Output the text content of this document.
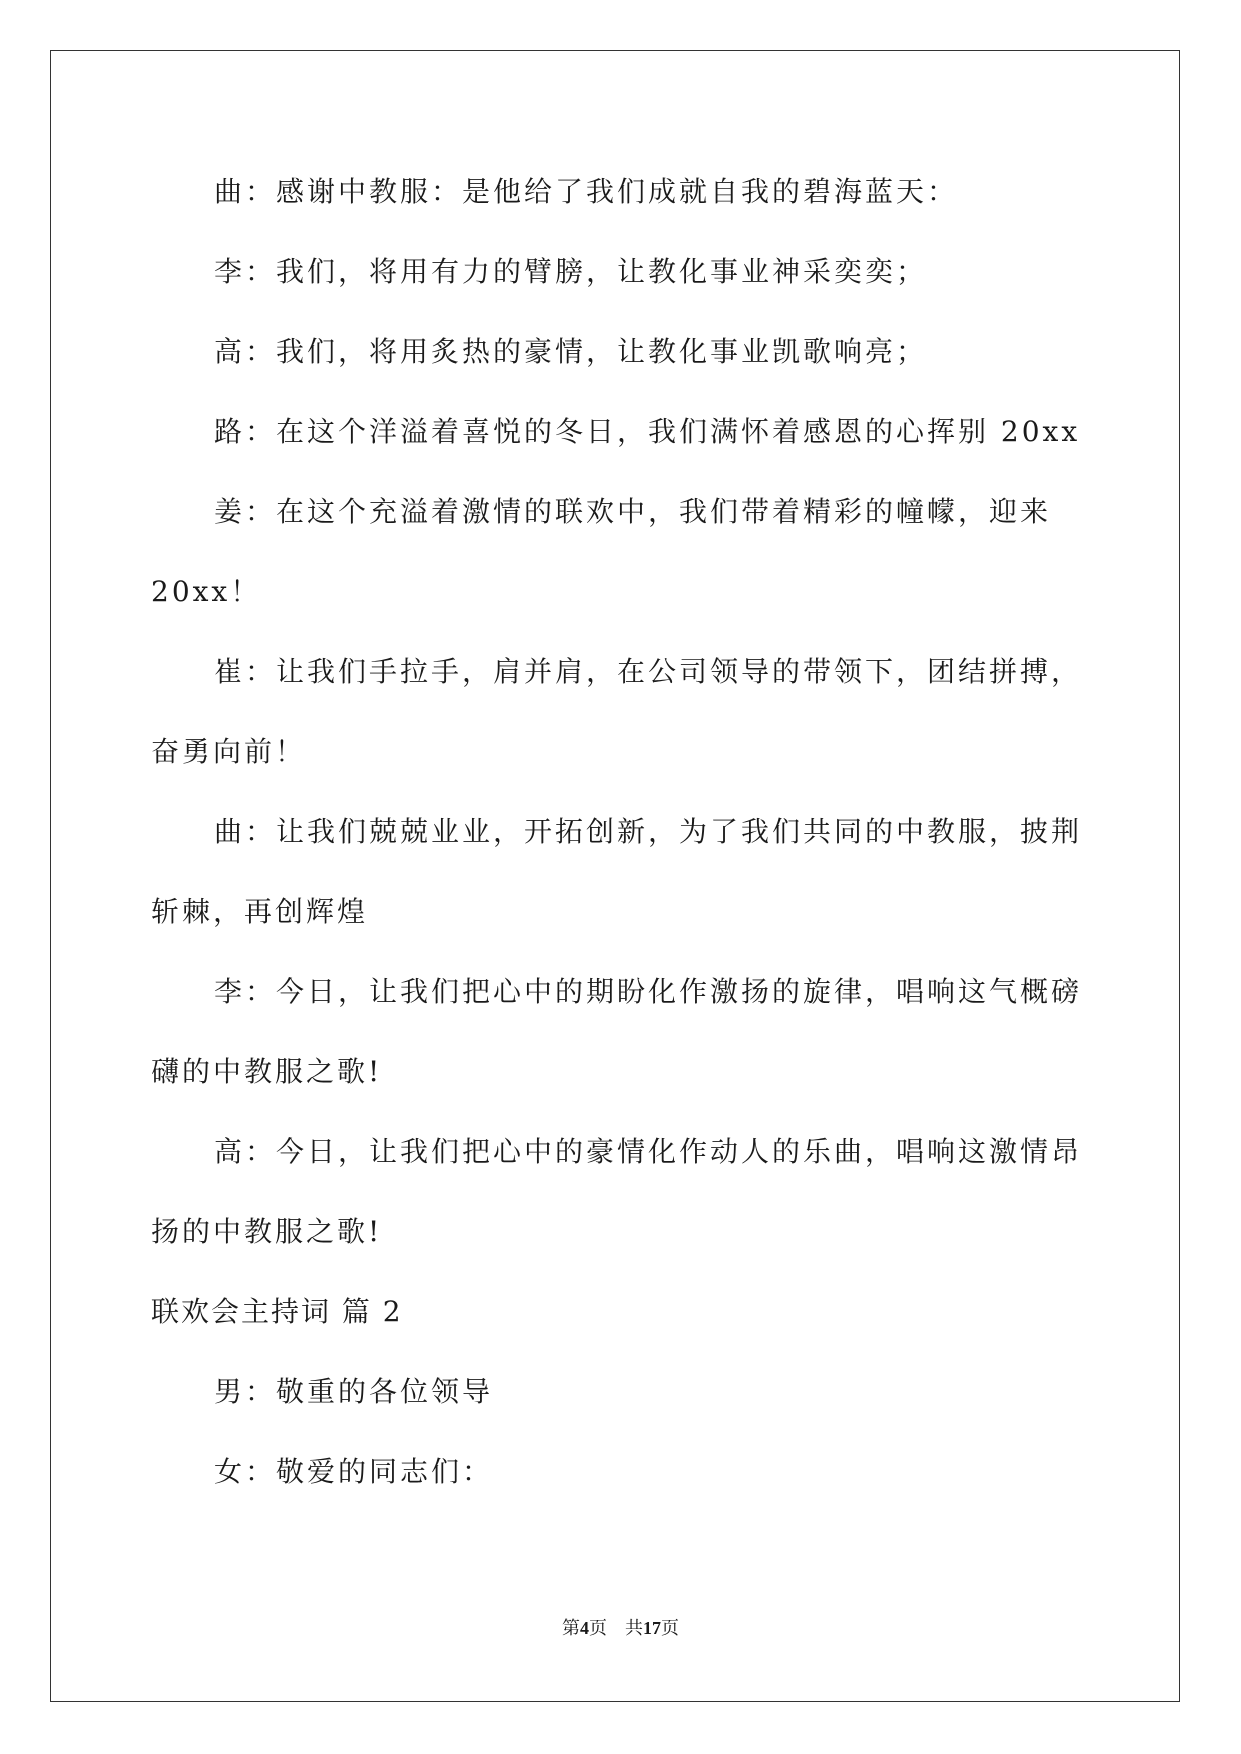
曲：感谢中教服：是他给了我们成就自我的碧海蓝天：
李：我们，将用有力的臂膀，让教化事业神采奕奕；
高：我们，将用炙热的豪情，让教化事业凯歌响亮；
路：在这个洋溢着喜悦的冬日，我们满怀着感恩的心挥别 20xx
姜：在这个充溢着激情的联欢中，我们带着精彩的幢幪，迎来
20xx！
崔：让我们手拉手，肩并肩，在公司领导的带领下，团结拼搏，
奋勇向前！
曲：让我们兢兢业业，开拓创新，为了我们共同的中教服，披荆
斩棘，再创辉煌
李：今日，让我们把心中的期盼化作激扬的旋律，唱响这气概磅
礴的中教服之歌!
高：今日，让我们把心中的豪情化作动人的乐曲，唱响这激情昂
扬的中教服之歌!
联欢会主持词 篇 2
男：敬重的各位领导
女：敬爱的同志们：
第4页　共17页
